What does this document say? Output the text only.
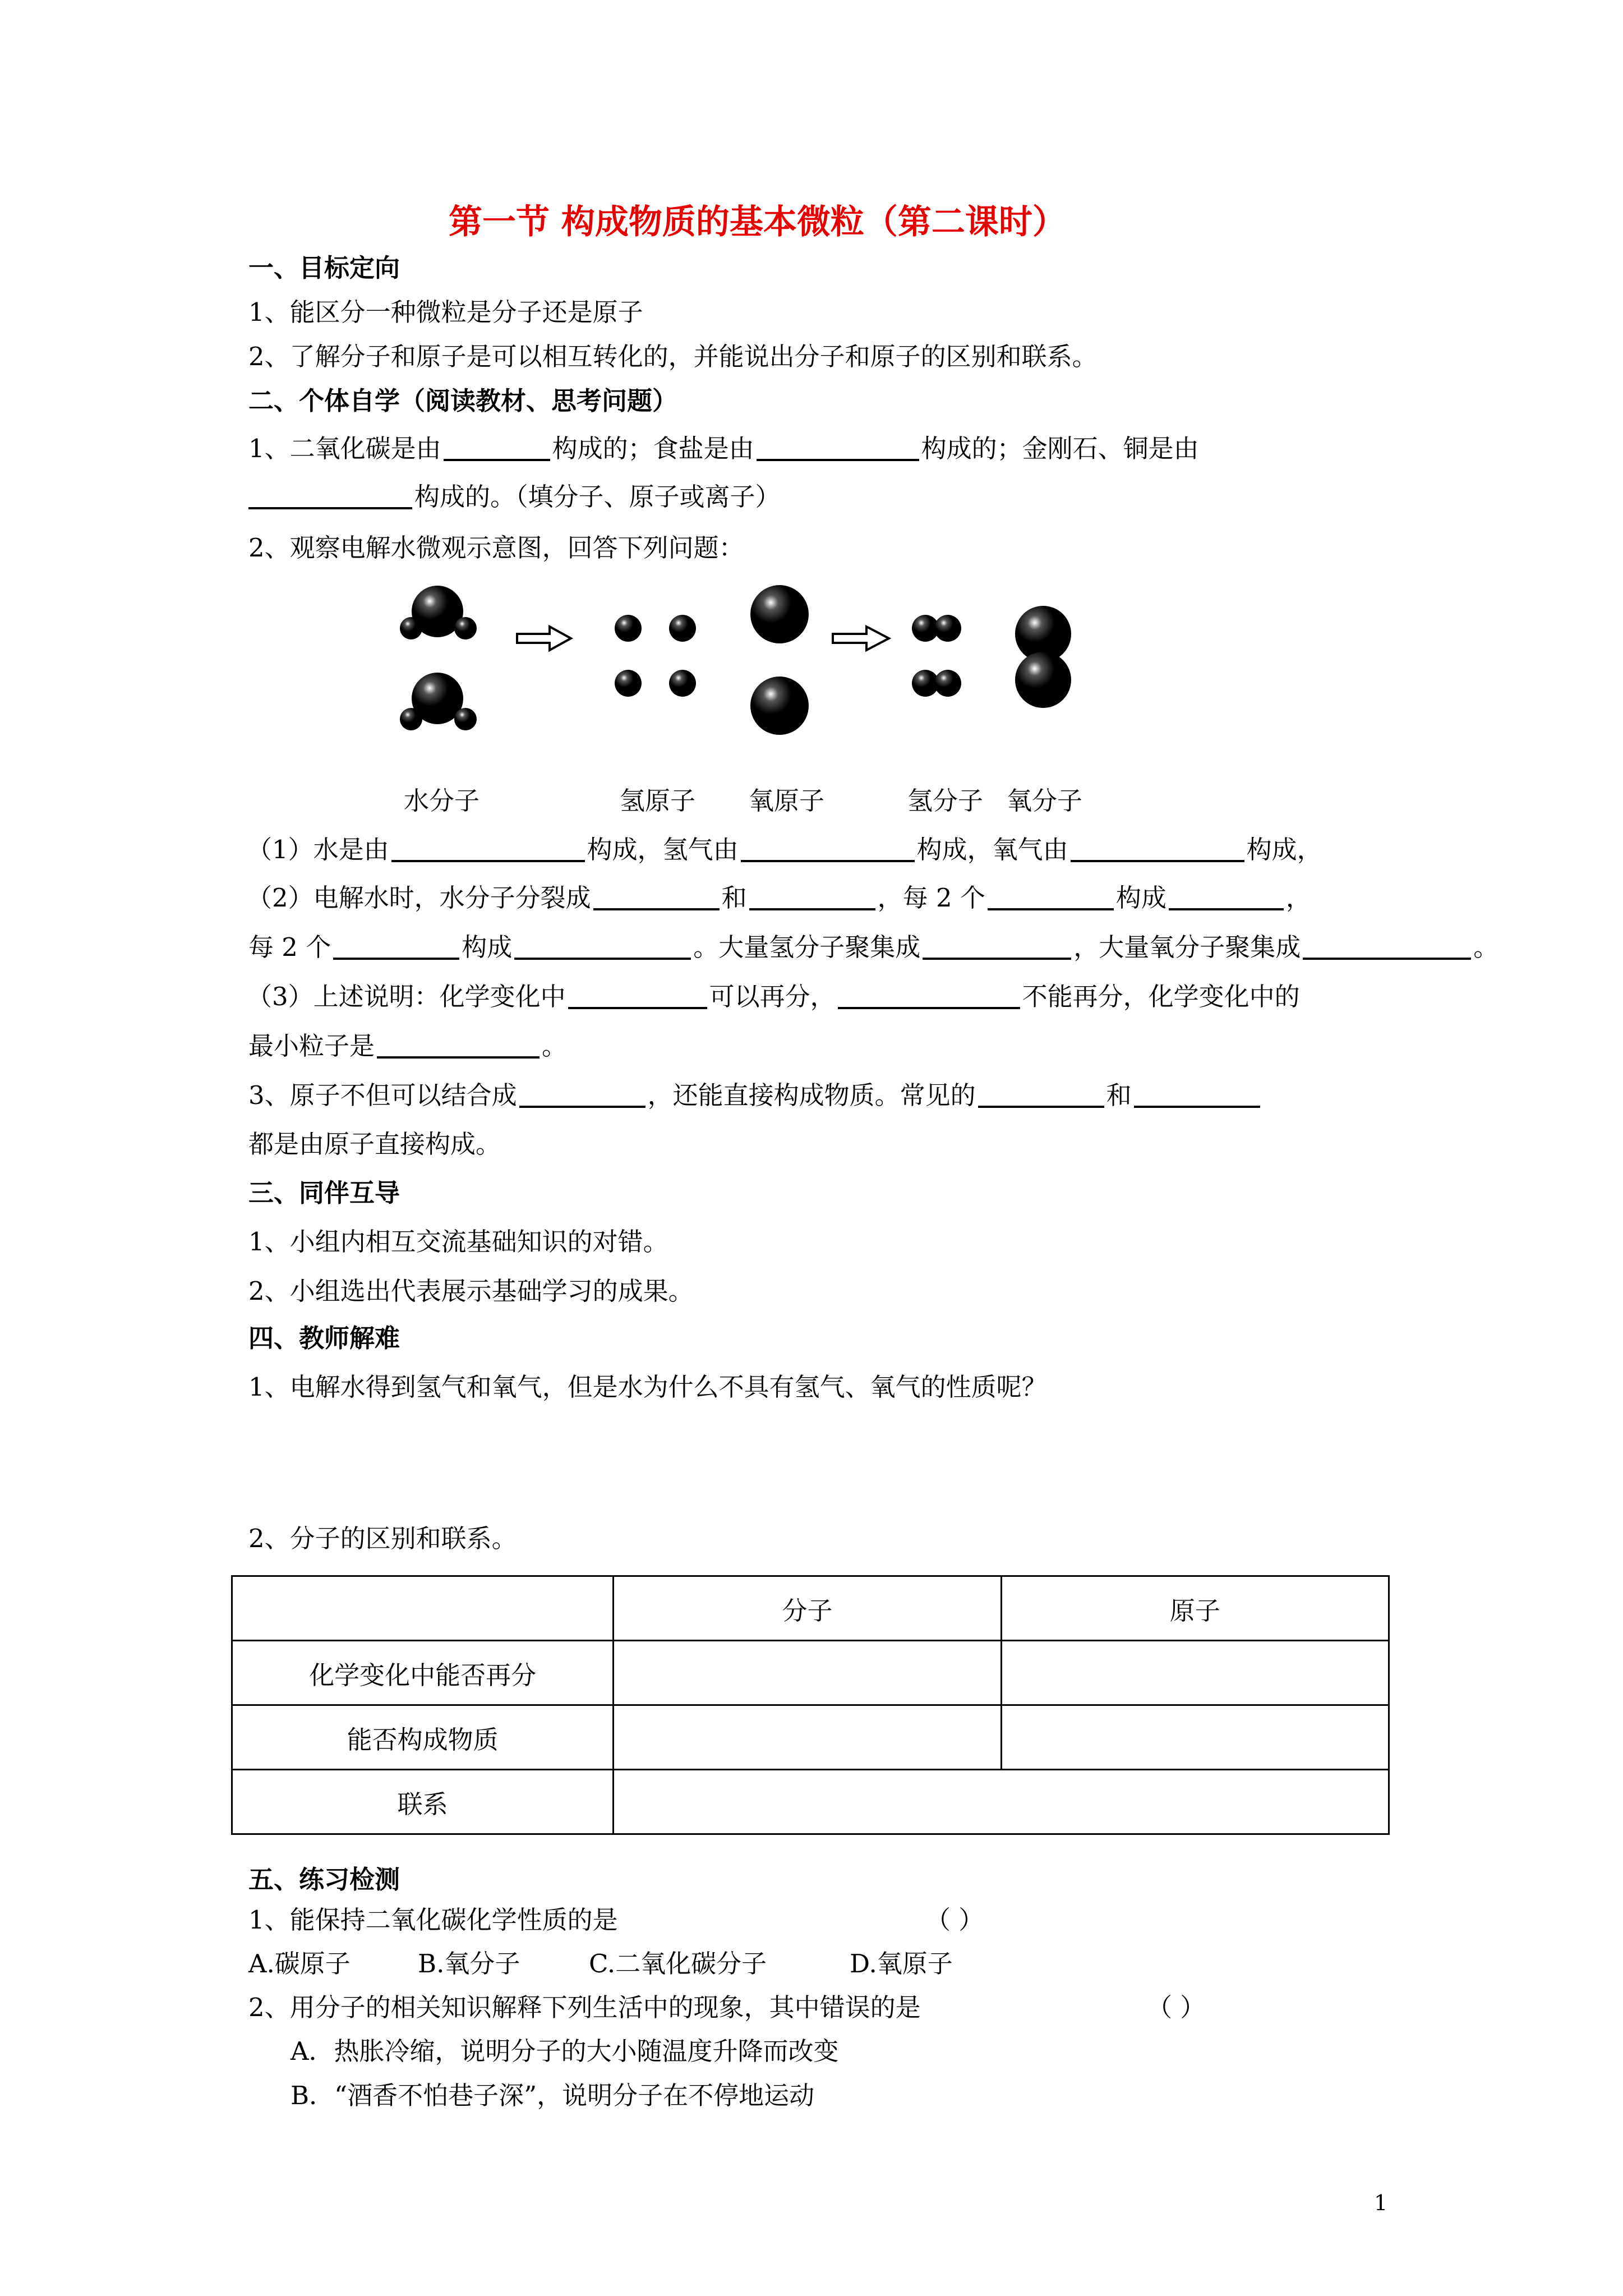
第一节 构成物质的基本微粒（第二课时）
一、目标定向
1、能区分一种微粒是分子还是原子
2、了解分子和原子是可以相互转化的，并能说出分子和原子的区别和联系。
二、个体自学（阅读教材、思考问题）
1、二氧化碳是由	构成的；食盐是由	构成的；金刚石、铜是由
构成的。（填分子、原子或离子）
2、观察电解水微观示意图，回答下列问题：
水分子	氢原子 氧原子	氢分子 氧分子
（1）水是由	构成，氢气由	构成，氧气由	构成，
（2）电解水时，水分子分裂成	和	，每 2 个	构成	，
每 2 个	构成	。大量氢分子聚集成	，大量氧分子聚集成	。
（3）上述说明：化学变化中	可以再分，	不能再分，化学变化中的
最小粒子是	。
3、原子不但可以结合成	，还能直接构成物质。常见的	和
都是由原子直接构成。
三、同伴互导
1、小组内相互交流基础知识的对错。
2、小组选出代表展示基础学习的成果。
四、教师解难
1、电解水得到氢气和氧气，但是水为什么不具有氢气、氧气的性质呢？
2、分子的区别和联系。
	分子	原子
化学变化中能否再分		
能否构成物质		
联系		
五、练习检测
1、能保持二氧化碳化学性质的是	（ ）
A.碳原子	B.氧分子	C.二氧化碳分子	D.氧原子
2、用分子的相关知识解释下列生活中的现象，其中错误的是	（ ）
A．热胀冷缩，说明分子的大小随温度升降而改变
B．“酒香不怕巷子深”，说明分子在不停地运动
1
